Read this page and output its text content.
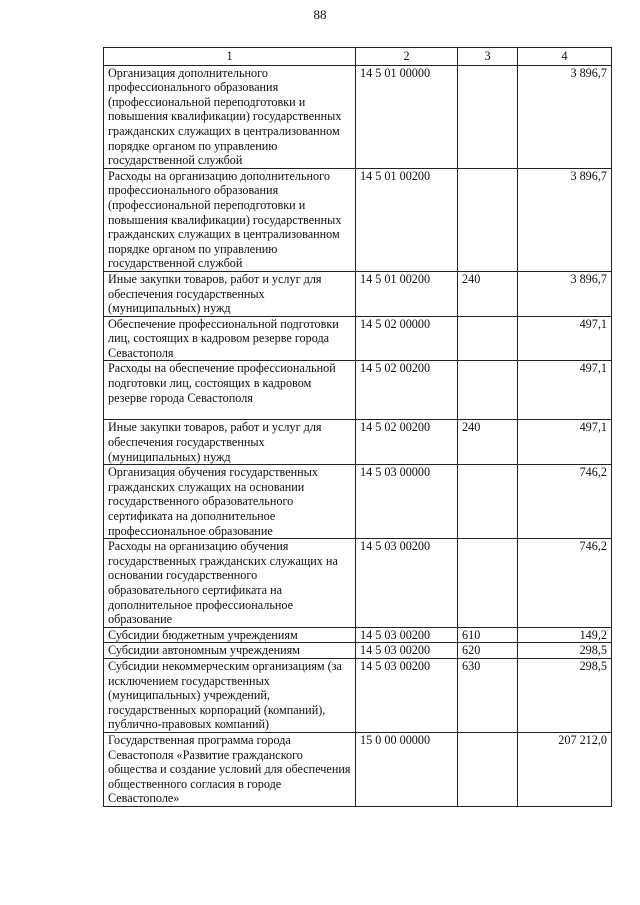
88
1	2	3	4
Организация дополнительного профессионального образования (профессиональной переподготовки и повышения квалификации) государственных гражданских служащих в централизованном порядке органом по управлению государственной службой	14 5 01 00000		3 896,7
Расходы на организацию дополнительного профессионального образования (профессиональной переподготовки и повышения квалификации) государственных гражданских служащих в централизованном порядке органом по управлению государственной службой	14 5 01 00200		3 896,7
Иные закупки товаров, работ и услуг для обеспечения государственных (муниципальных) нужд	14 5 01 00200	240	3 896,7
Обеспечение профессиональной подготовки лиц, состоящих в кадровом резерве города Севастополя	14 5 02 00000		497,1
Расходы на обеспечение профессиональной подготовки лиц, состоящих в кадровом резерве города Севастополя	14 5 02 00200		497,1
Иные закупки товаров, работ и услуг для обеспечения государственных (муниципальных) нужд	14 5 02 00200	240	497,1
Организация обучения государственных гражданских служащих на основании государственного образовательного сертификата на дополнительное профессиональное образование	14 5 03 00000		746,2
Расходы на организацию обучения государственных гражданских служащих на основании государственного образовательного сертификата на дополнительное профессиональное образование	14 5 03 00200		746,2
Субсидии бюджетным учреждениям	14 5 03 00200	610	149,2
Субсидии автономным учреждениям	14 5 03 00200	620	298,5
Субсидии некоммерческим организациям (за исключением государственных (муниципальных) учреждений, государственных корпораций (компаний), публично-правовых компаний)	14 5 03 00200	630	298,5
Государственная программа города Севастополя «Развитие гражданского общества и создание условий для обеспечения общественного согласия в городе Севастополе»	15 0 00 00000		207 212,0
